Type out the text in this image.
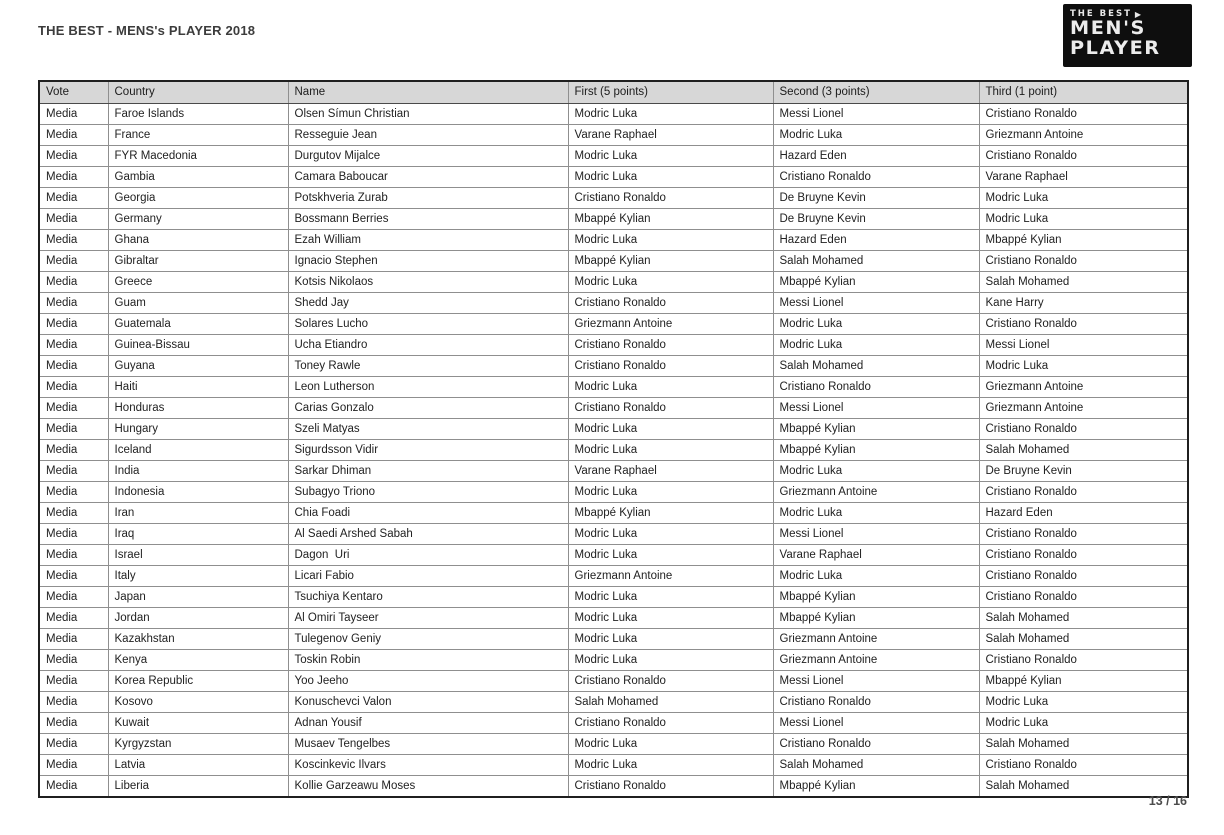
THE BEST - MENS's PLAYER 2018
THE BEST ▶
MEN'S
PLAYER
Vote	Country	Name	First (5 points)	Second (3 points)	Third (1 point)
Media	Faroe Islands	Olsen Símun Christian	Modric Luka	Messi Lionel	Cristiano Ronaldo
Media	France	Resseguie Jean	Varane Raphael	Modric Luka	Griezmann Antoine
Media	FYR Macedonia	Durgutov Mijalce	Modric Luka	Hazard Eden	Cristiano Ronaldo
Media	Gambia	Camara Baboucar	Modric Luka	Cristiano Ronaldo	Varane Raphael
Media	Georgia	Potskhveria Zurab	Cristiano Ronaldo	De Bruyne Kevin	Modric Luka
Media	Germany	Bossmann Berries	Mbappé Kylian	De Bruyne Kevin	Modric Luka
Media	Ghana	Ezah William	Modric Luka	Hazard Eden	Mbappé Kylian
Media	Gibraltar	Ignacio Stephen	Mbappé Kylian	Salah Mohamed	Cristiano Ronaldo
Media	Greece	Kotsis Nikolaos	Modric Luka	Mbappé Kylian	Salah Mohamed
Media	Guam	Shedd Jay	Cristiano Ronaldo	Messi Lionel	Kane Harry
Media	Guatemala	Solares Lucho	Griezmann Antoine	Modric Luka	Cristiano Ronaldo
Media	Guinea-Bissau	Ucha Etiandro	Cristiano Ronaldo	Modric Luka	Messi Lionel
Media	Guyana	Toney Rawle	Cristiano Ronaldo	Salah Mohamed	Modric Luka
Media	Haiti	Leon Lutherson	Modric Luka	Cristiano Ronaldo	Griezmann Antoine
Media	Honduras	Carias Gonzalo	Cristiano Ronaldo	Messi Lionel	Griezmann Antoine
Media	Hungary	Szeli Matyas	Modric Luka	Mbappé Kylian	Cristiano Ronaldo
Media	Iceland	Sigurdsson Vidir	Modric Luka	Mbappé Kylian	Salah Mohamed
Media	India	Sarkar Dhiman	Varane Raphael	Modric Luka	De Bruyne Kevin
Media	Indonesia	Subagyo Triono	Modric Luka	Griezmann Antoine	Cristiano Ronaldo
Media	Iran	Chia Foadi	Mbappé Kylian	Modric Luka	Hazard Eden
Media	Iraq	Al Saedi Arshed Sabah	Modric Luka	Messi Lionel	Cristiano Ronaldo
Media	Israel	Dagon  Uri	Modric Luka	Varane Raphael	Cristiano Ronaldo
Media	Italy	Licari Fabio	Griezmann Antoine	Modric Luka	Cristiano Ronaldo
Media	Japan	Tsuchiya Kentaro	Modric Luka	Mbappé Kylian	Cristiano Ronaldo
Media	Jordan	Al Omiri Tayseer	Modric Luka	Mbappé Kylian	Salah Mohamed
Media	Kazakhstan	Tulegenov Geniy	Modric Luka	Griezmann Antoine	Salah Mohamed
Media	Kenya	Toskin Robin	Modric Luka	Griezmann Antoine	Cristiano Ronaldo
Media	Korea Republic	Yoo Jeeho	Cristiano Ronaldo	Messi Lionel	Mbappé Kylian
Media	Kosovo	Konuschevci Valon	Salah Mohamed	Cristiano Ronaldo	Modric Luka
Media	Kuwait	Adnan Yousif	Cristiano Ronaldo	Messi Lionel	Modric Luka
Media	Kyrgyzstan	Musaev Tengelbes	Modric Luka	Cristiano Ronaldo	Salah Mohamed
Media	Latvia	Koscinkevic Ilvars	Modric Luka	Salah Mohamed	Cristiano Ronaldo
Media	Liberia	Kollie Garzeawu Moses	Cristiano Ronaldo	Mbappé Kylian	Salah Mohamed
13 / 16
